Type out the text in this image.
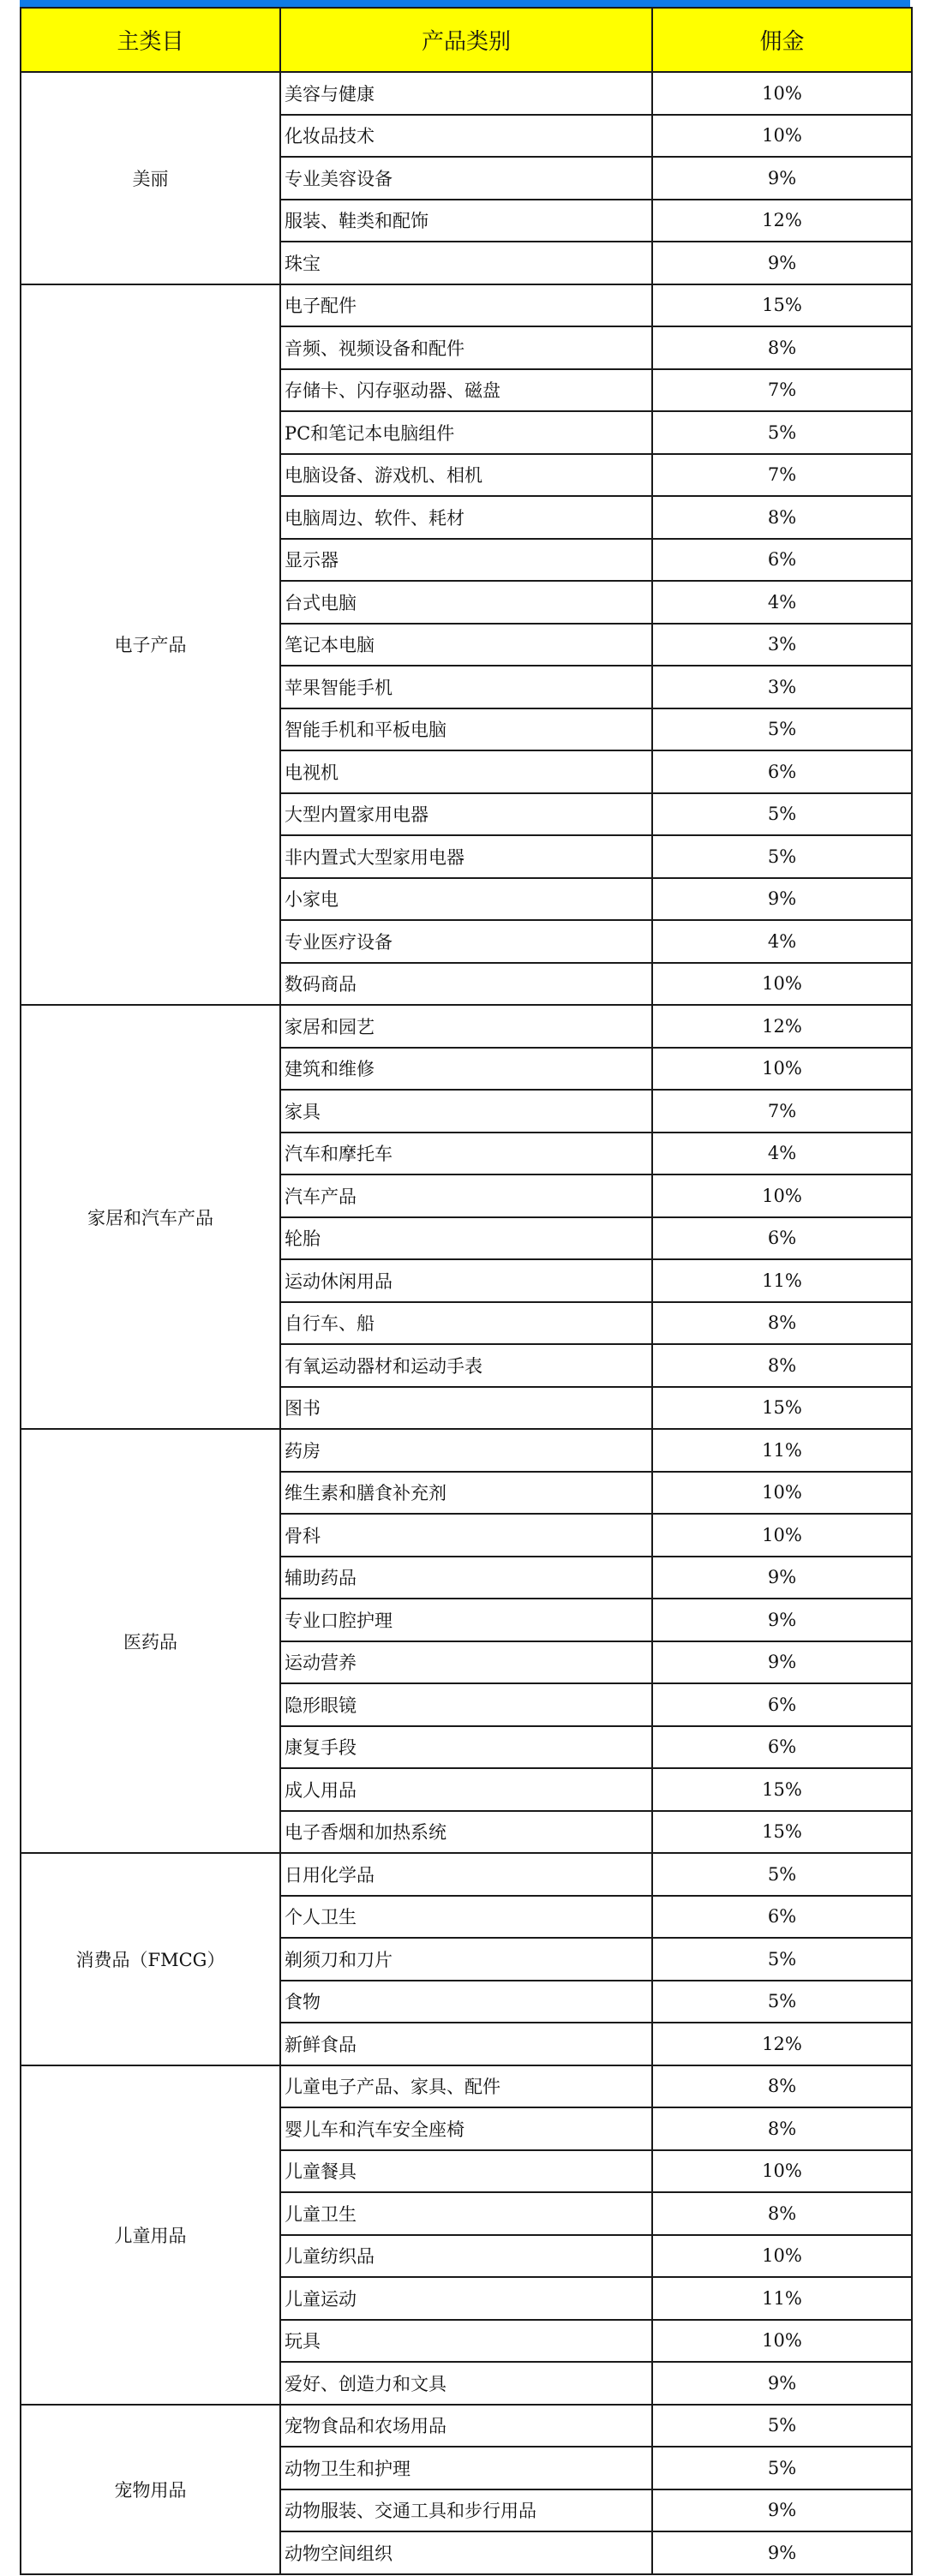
主类目	产品类别	佣金
美丽	美容与健康	10%
	化妆品技术	10%
	专业美容设备	9%
	服装、鞋类和配饰	12%
	珠宝	9%
电子产品	电子配件	15%
	音频、视频设备和配件	8%
	存储卡、闪存驱动器、磁盘	7%
	PC和笔记本电脑组件	5%
	电脑设备、游戏机、相机	7%
	电脑周边、软件、耗材	8%
	显示器	6%
	台式电脑	4%
	笔记本电脑	3%
	苹果智能手机	3%
	智能手机和平板电脑	5%
	电视机	6%
	大型内置家用电器	5%
	非内置式大型家用电器	5%
	小家电	9%
	专业医疗设备	4%
	数码商品	10%
家居和汽车产品	家居和园艺	12%
	建筑和维修	10%
	家具	7%
	汽车和摩托车	4%
	汽车产品	10%
	轮胎	6%
	运动休闲用品	11%
	自行车、船	8%
	有氧运动器材和运动手表	8%
	图书	15%
医药品	药房	11%
	维生素和膳食补充剂	10%
	骨科	10%
	辅助药品	9%
	专业口腔护理	9%
	运动营养	9%
	隐形眼镜	6%
	康复手段	6%
	成人用品	15%
	电子香烟和加热系统	15%
消费品（FMCG）	日用化学品	5%
	个人卫生	6%
	剃须刀和刀片	5%
	食物	5%
	新鲜食品	12%
儿童用品	儿童电子产品、家具、配件	8%
	婴儿车和汽车安全座椅	8%
	儿童餐具	10%
	儿童卫生	8%
	儿童纺织品	10%
	儿童运动	11%
	玩具	10%
	爱好、创造力和文具	9%
宠物用品	宠物食品和农场用品	5%
	动物卫生和护理	5%
	动物服装、交通工具和步行用品	9%
	动物空间组织	9%
